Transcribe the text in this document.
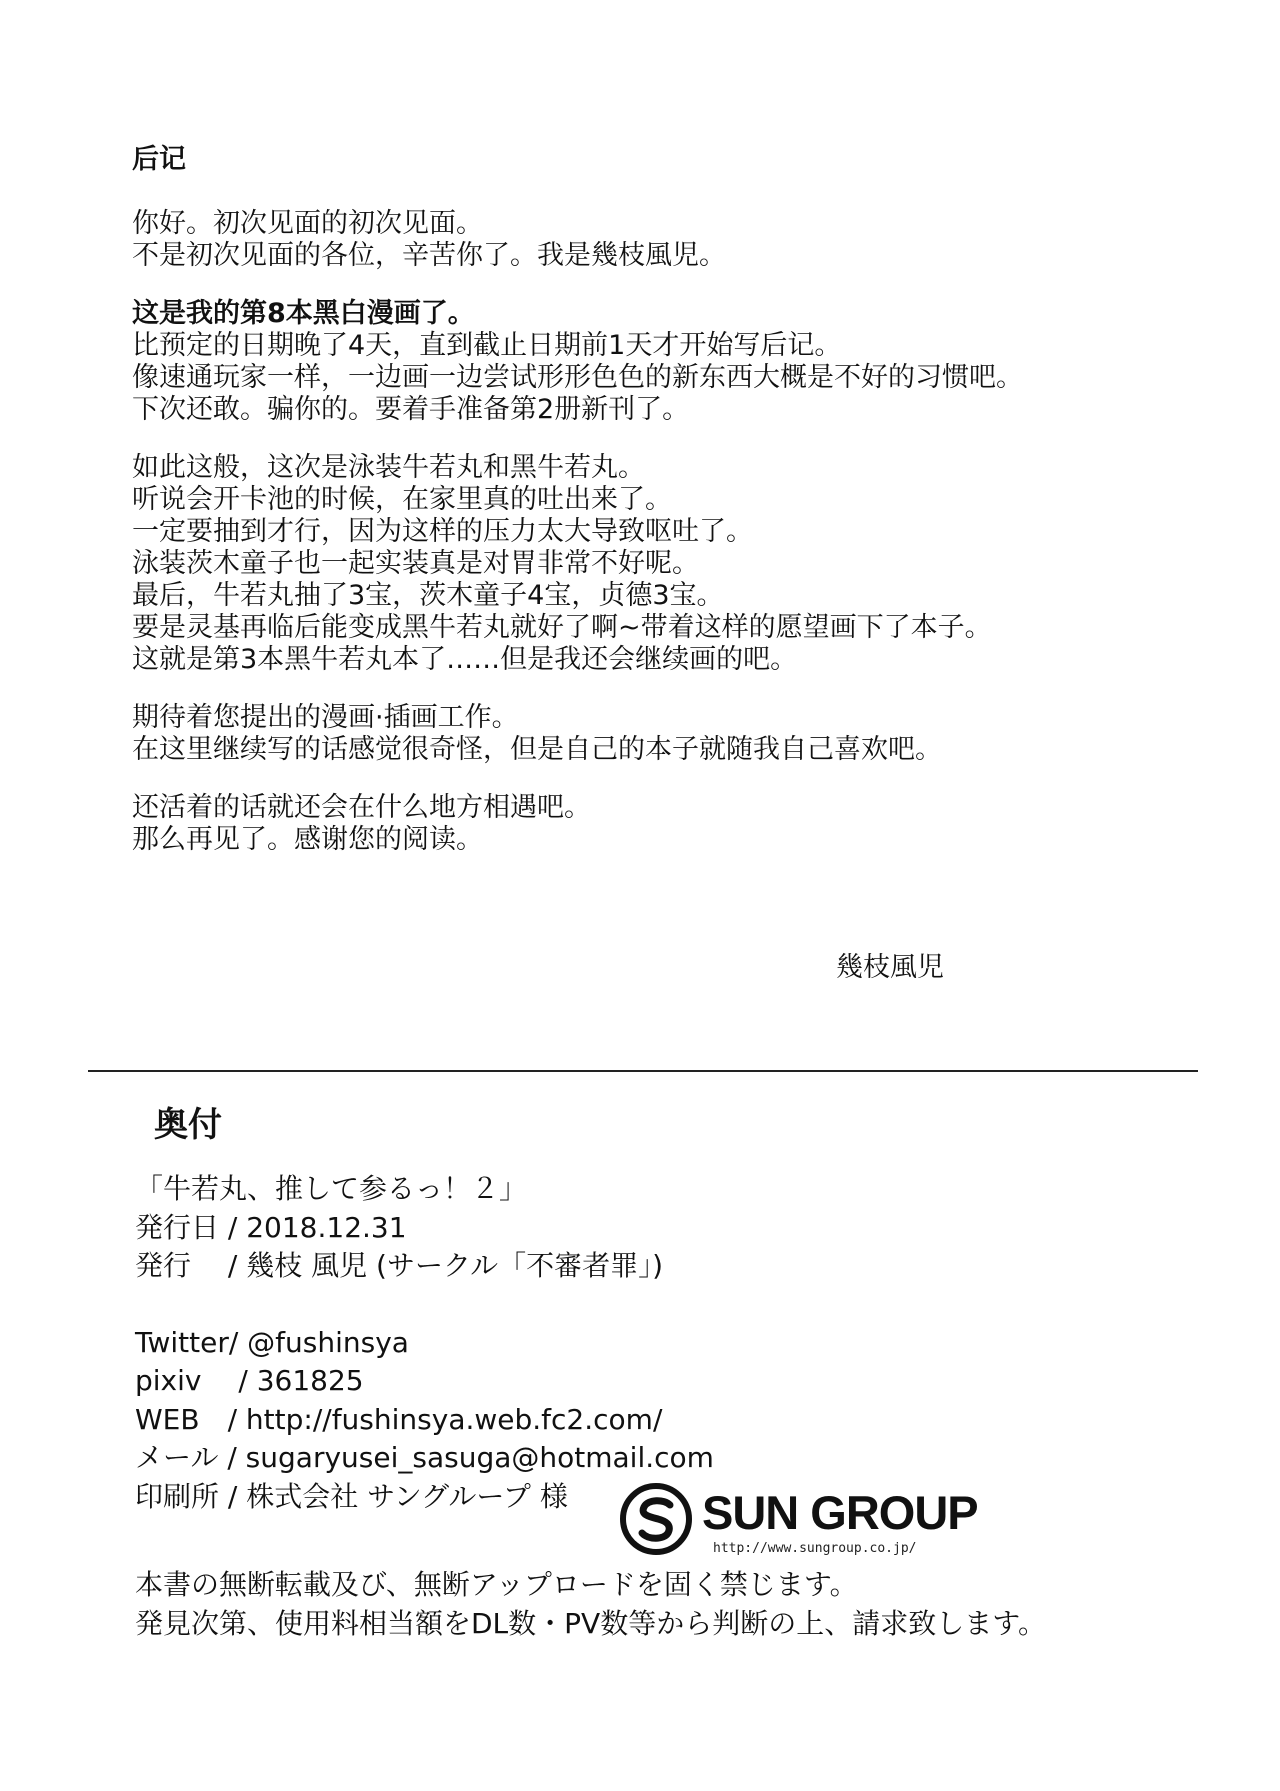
后记
你好。初次见面的初次见面。
不是初次见面的各位，辛苦你了。我是幾枝風児。
这是我的第8本黑白漫画了。
比预定的日期晚了4天，直到截止日期前1天才开始写后记。
像速通玩家一样，一边画一边尝试形形色色的新东西大概是不好的习惯吧。
下次还敢。骗你的。要着手准备第2册新刊了。
如此这般，这次是泳装牛若丸和黑牛若丸。
听说会开卡池的时候，在家里真的吐出来了。
一定要抽到才行，因为这样的压力太大导致呕吐了。
泳装茨木童子也一起实装真是对胃非常不好呢。
最后，牛若丸抽了3宝，茨木童子4宝，贞德3宝。
要是灵基再临后能变成黑牛若丸就好了啊~带着这样的愿望画下了本子。
这就是第3本黑牛若丸本了……但是我还会继续画的吧。
期待着您提出的漫画·插画工作。
在这里继续写的话感觉很奇怪，但是自己的本子就随我自己喜欢吧。
还活着的话就还会在什么地方相遇吧。
那么再见了。感谢您的阅读。
幾枝風児
奥付
「牛若丸、推して参るっ！２」
発行日 / 2018.12.31
発行　 / 幾枝 風児 (サークル「不審者罪」)
Twitter/ @fushinsya
pixiv　 / 361825
WEB　/ http://fushinsya.web.fc2.com/
メール / sugaryusei_sasuga@hotmail.com
印刷所 / 株式会社 サングループ 様	SUN GROUP
http://www.sungroup.co.jp/
本書の無断転載及び、無断アップロードを固く禁じます。
発見次第、使用料相当額をDL数・PV数等から判断の上、請求致します。
